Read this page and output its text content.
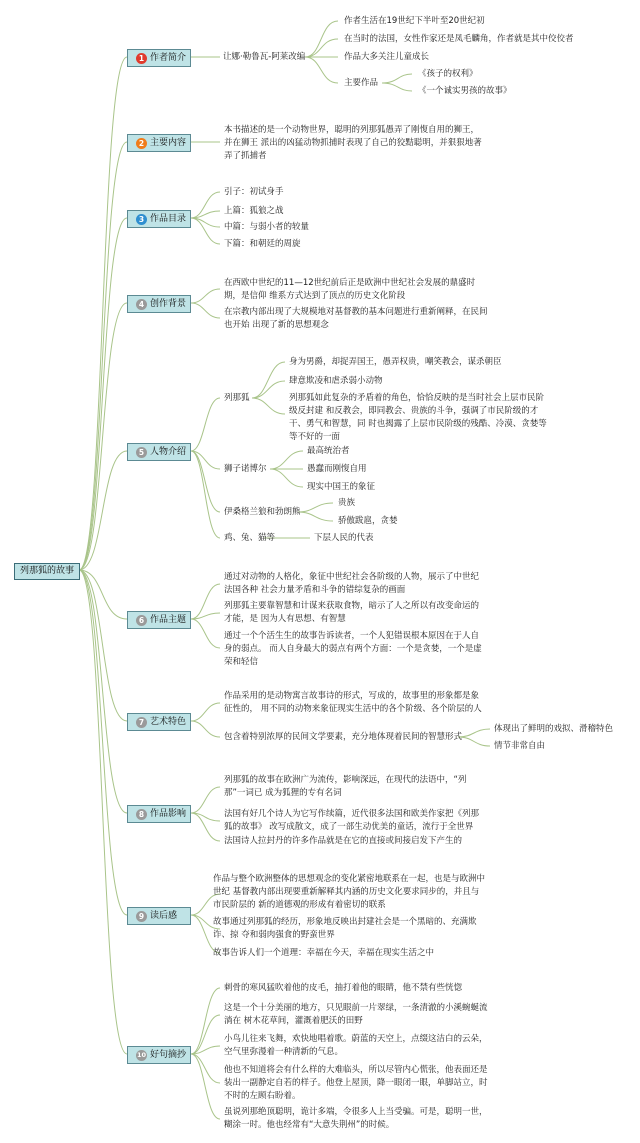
列那狐的故事
1 作者简介
2 主要内容
3 作品目录
4 创作背景
5 人物介绍
6 作品主题
7 艺术特色
8 作品影响
9 读后感
10 好句摘抄
让娜·勒鲁瓦-阿莱改编
作者生活在19世纪下半叶至20世纪初
在当时的法国，女性作家还是凤毛麟角，作者就是其中佼佼者
作品大多关注儿童成长
主要作品
《孩子的权利》
《一个诚实男孩的故事》
本书描述的是一个动物世界，聪明的列那狐愚弄了刚愎自用的狮王，并在狮王 派出的凶猛动物抓捕时表现了自己的狡黠聪明，并狠狠地著弄了抓捕者
引子：初试身手
上篇：狐狼之战
中篇：与弱小者的较量
下篇：和朝廷的周旋
在西欧中世纪的11—12世纪前后正是欧洲中世纪社会发展的鼎盛时期，是信仰 维系方式达到了顶点的历史文化阶段
在宗教内部出现了大规模地对基督教的基本问题进行重新阐释，在民间也开始 出现了新的思想观念
列那狐
身为男爵，却捉弄国王，愚弄权贵，嘲笑教会，谋杀朝臣
肆意欺凌和虐杀弱小动物
列那狐如此复杂的矛盾着的角色，恰恰反映的是当时社会上层市民阶级反封建 和反教会，即同教会、贵族的斗争，强调了市民阶级的才干、勇气和智慧，同 时也揭露了上层市民阶级的残酷、冷漠、贪婪等等不好的一面
狮子诺博尔
最高统治者
愚蠢而刚愎自用
现实中国王的象征
伊桑格兰狼和勃朗熊
贵族
骄傲跋扈，贪婪
鸡、兔、猫等	下层人民的代表
通过对动物的人格化，象征中世纪社会各阶级的人物，展示了中世纪法国各种 社会力量矛盾和斗争的错综复杂的画面
列那狐主要靠智慧和计谋来获取食物，暗示了人之所以有改变命运的才能，是 因为人有思想、有智慧
通过一个个活生生的故事告诉读者，一个人犯错误根本原因在于人自身的弱点。 而人自身最大的弱点有两个方面：一个是贪婪，一个是虚荣和轻信
作品采用的是动物寓言故事诗的形式，写成的，故事里的形象都是象征性的， 用不同的动物来象征现实生活中的各个阶级、各个阶层的人
包含着特别浓厚的民间文学要素，充分地体现着民间的智慧形式
体现出了鲜明的戏拟、滑稽特色
情节非常自由
列那狐的故事在欧洲广为流传，影响深远，在现代的法语中，“列那”一词已 成为狐狸的专有名词
法国有好几个诗人为它写作续篇，近代很多法国和欧美作家把《列那狐的故事》 改写成散文，成了一部生动优美的童话，流行于全世界
法国诗人拉封丹的许多作品就是在它的直接或间接启发下产生的
作品与整个欧洲整体的思想观念的变化紧密地联系在一起，也是与欧洲中世纪 基督教内部出现要重新解释其内涵的历史文化要求同步的，并且与市民阶层的 新的道德观的形成有着密切的联系
故事通过列那狐的经历，形象地反映出封建社会是一个黑暗的、充满欺诈、掠 夺和弱肉强食的野蛮世界
故事告诉人们一个道理：幸福在今天，幸福在现实生活之中
刺骨的寒风猛吹着他的皮毛，抽打着他的眼睛，他不禁有些恍惚
这是一个十分美丽的地方，只见眼前一片翠绿，一条清澈的小溪蜿蜒流淌在 树木花草间，灌溉着肥沃的田野
小鸟儿往来飞舞，欢快地唱着歌。蔚蓝的天空上，点缀这洁白的云朵，空气里弥漫着一种清新的气息。
他也不知道将会有什么样的大难临头，所以尽管内心慌张，他表面还是装出一副静定自若的样子。他登上屋顶，降一眼闭一眼，单脚站立，时不时的左顾右盼着。
虽说列那绝顶聪明，诡计多端，令很多人上当受骗。可是，聪明一世，糊涂一时。他也经常有“大意失荆州”的时候。
